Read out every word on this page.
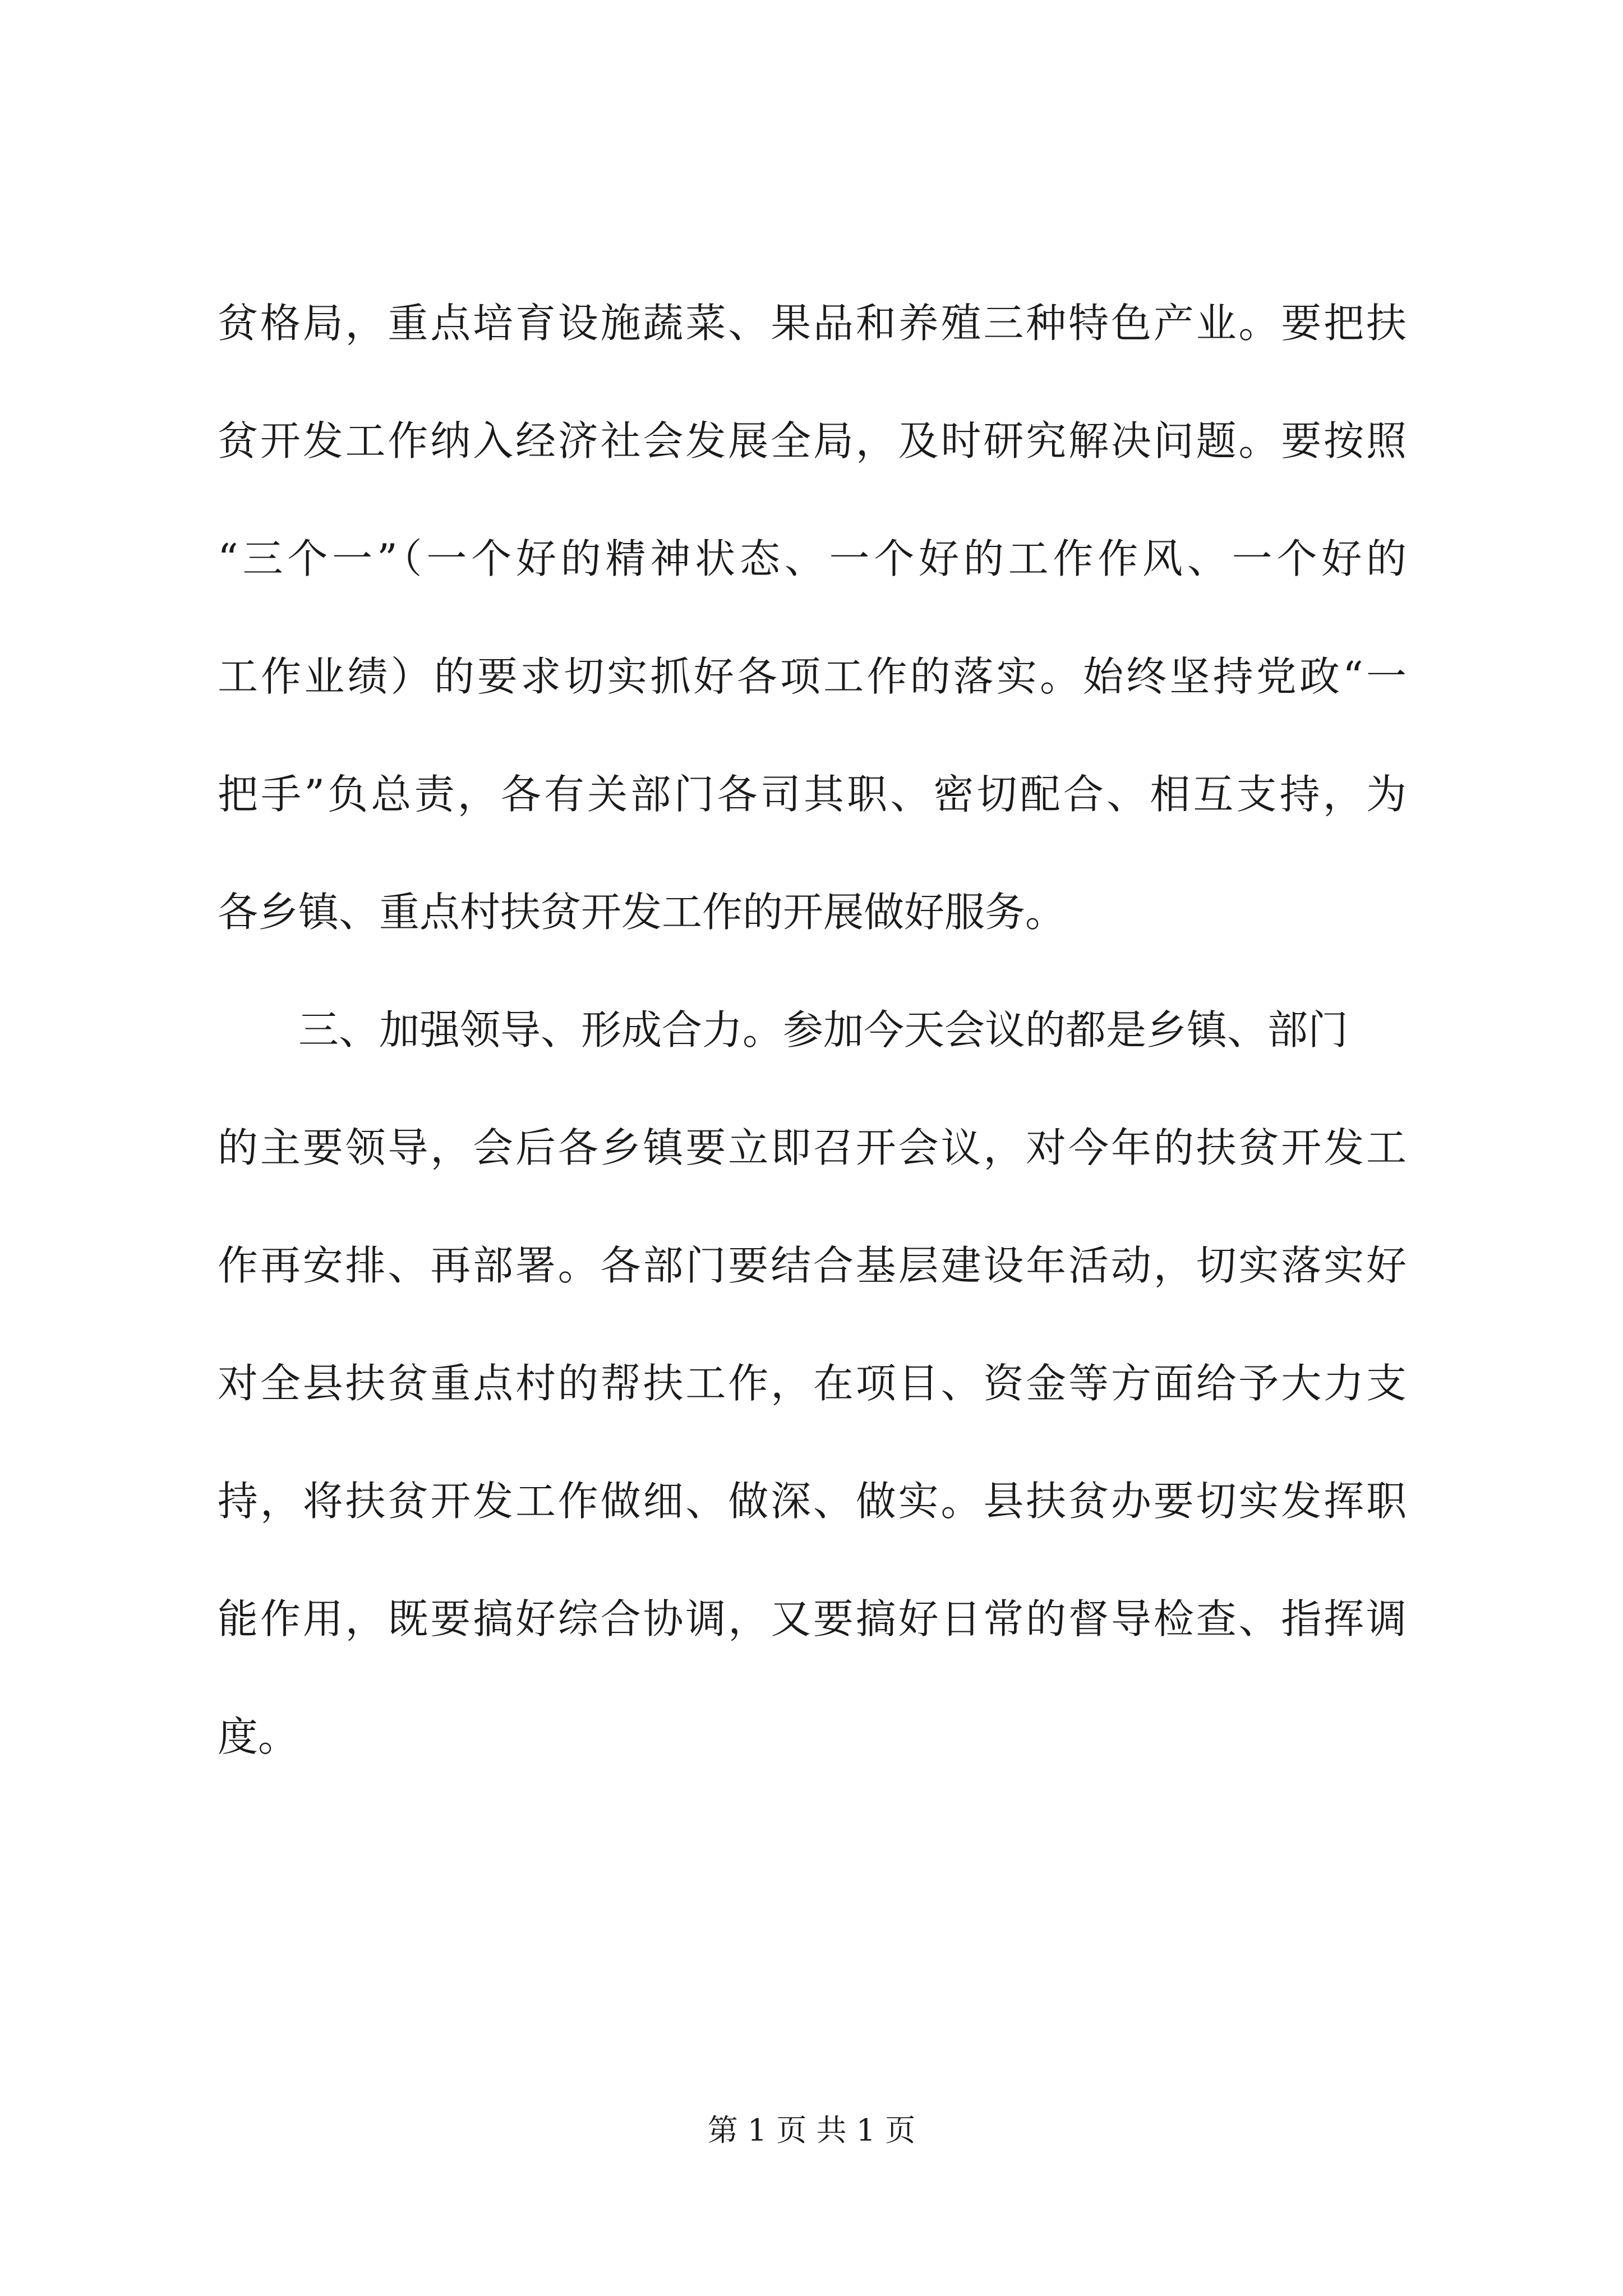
贫格局，重点培育设施蔬菜、果品和养殖三种特色产业。要把扶
贫开发工作纳入经济社会发展全局，及时研究解决问题。要按照
“三个一”（一个好的精神状态、一个好的工作作风、一个好的
工作业绩）的要求切实抓好各项工作的落实。始终坚持党政“一
把手”负总责，各有关部门各司其职、密切配合、相互支持，为
各乡镇、重点村扶贫开发工作的开展做好服务。
三、加强领导、形成合力。参加今天会议的都是乡镇、部门
的主要领导，会后各乡镇要立即召开会议，对今年的扶贫开发工
作再安排、再部署。各部门要结合基层建设年活动，切实落实好
对全县扶贫重点村的帮扶工作，在项目、资金等方面给予大力支
持，将扶贫开发工作做细、做深、做实。县扶贫办要切实发挥职
能作用，既要搞好综合协调，又要搞好日常的督导检查、指挥调
度。
第 1 页 共 1 页
